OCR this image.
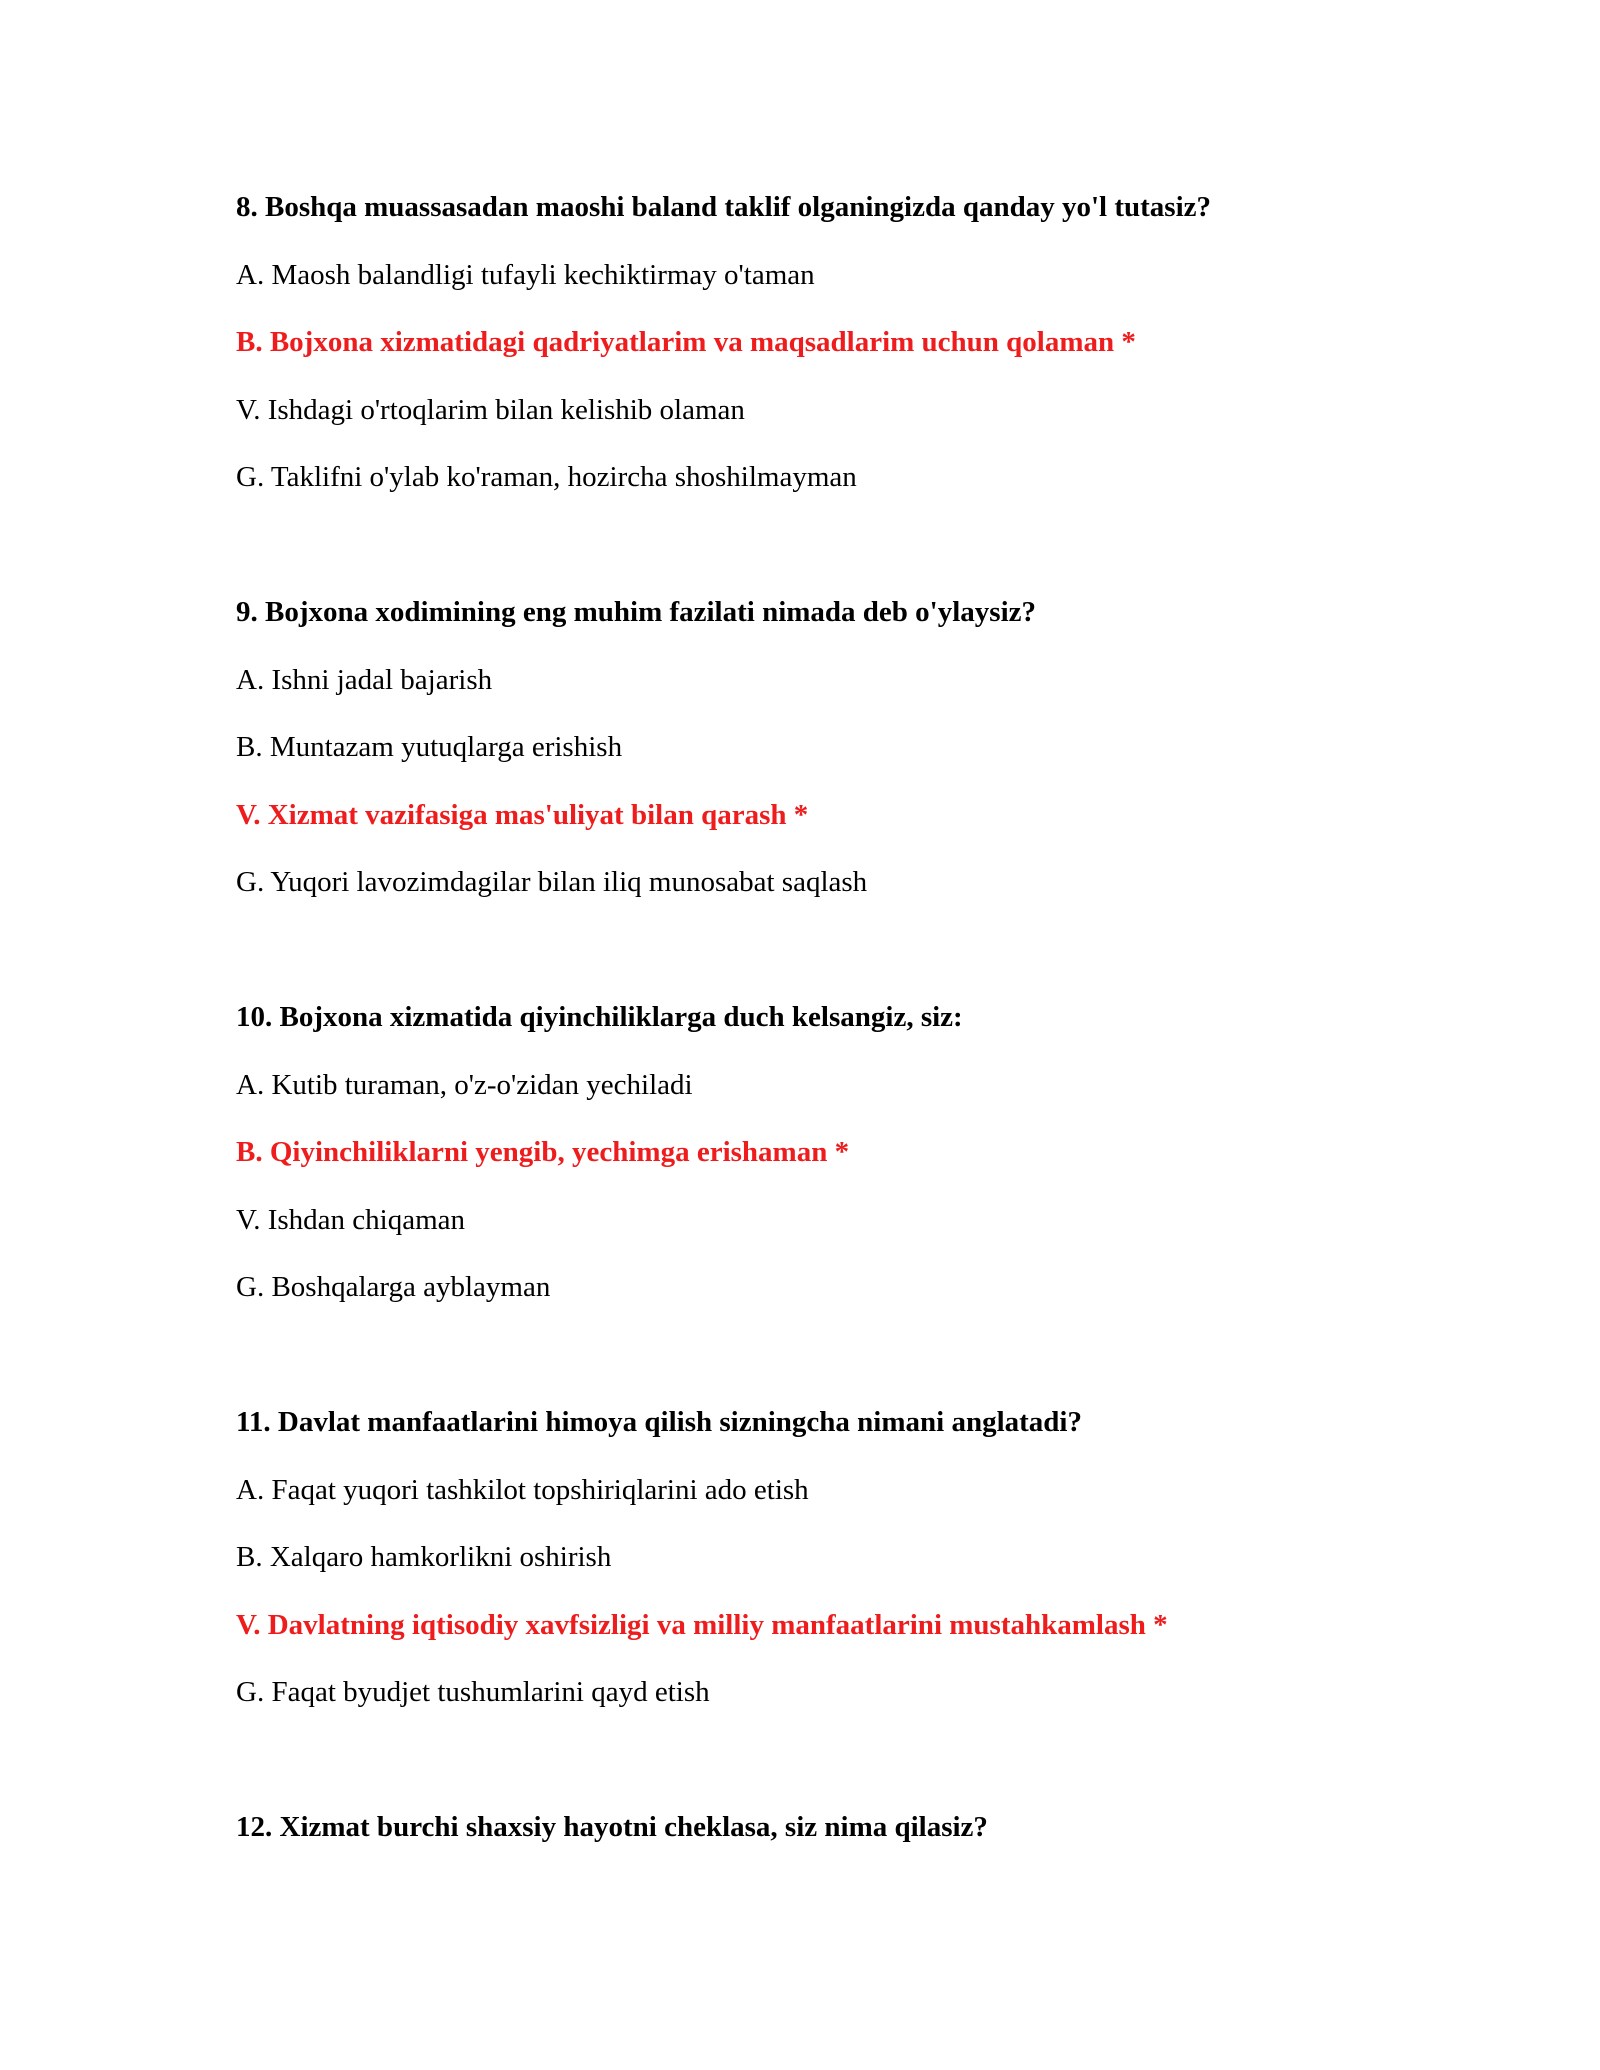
8. Boshqa muassasadan maoshi baland taklif olganingizda qanday yo'l tutasiz?
A. Maosh balandligi tufayli kechiktirmay o'taman
B. Bojxona xizmatidagi qadriyatlarim va maqsadlarim uchun qolaman *
V. Ishdagi o'rtoqlarim bilan kelishib olaman
G. Taklifni o'ylab ko'raman, hozircha shoshilmayman
9. Bojxona xodimining eng muhim fazilati nimada deb o'ylaysiz?
A. Ishni jadal bajarish
B. Muntazam yutuqlarga erishish
V. Xizmat vazifasiga mas'uliyat bilan qarash *
G. Yuqori lavozimdagilar bilan iliq munosabat saqlash
10. Bojxona xizmatida qiyinchiliklarga duch kelsangiz, siz:
A. Kutib turaman, o'z-o'zidan yechiladi
B. Qiyinchiliklarni yengib, yechimga erishaman *
V. Ishdan chiqaman
G. Boshqalarga ayblayman
11. Davlat manfaatlarini himoya qilish sizningcha nimani anglatadi?
A. Faqat yuqori tashkilot topshiriqlarini ado etish
B. Xalqaro hamkorlikni oshirish
V. Davlatning iqtisodiy xavfsizligi va milliy manfaatlarini mustahkamlash *
G. Faqat byudjet tushumlarini qayd etish
12. Xizmat burchi shaxsiy hayotni cheklasa, siz nima qilasiz?
